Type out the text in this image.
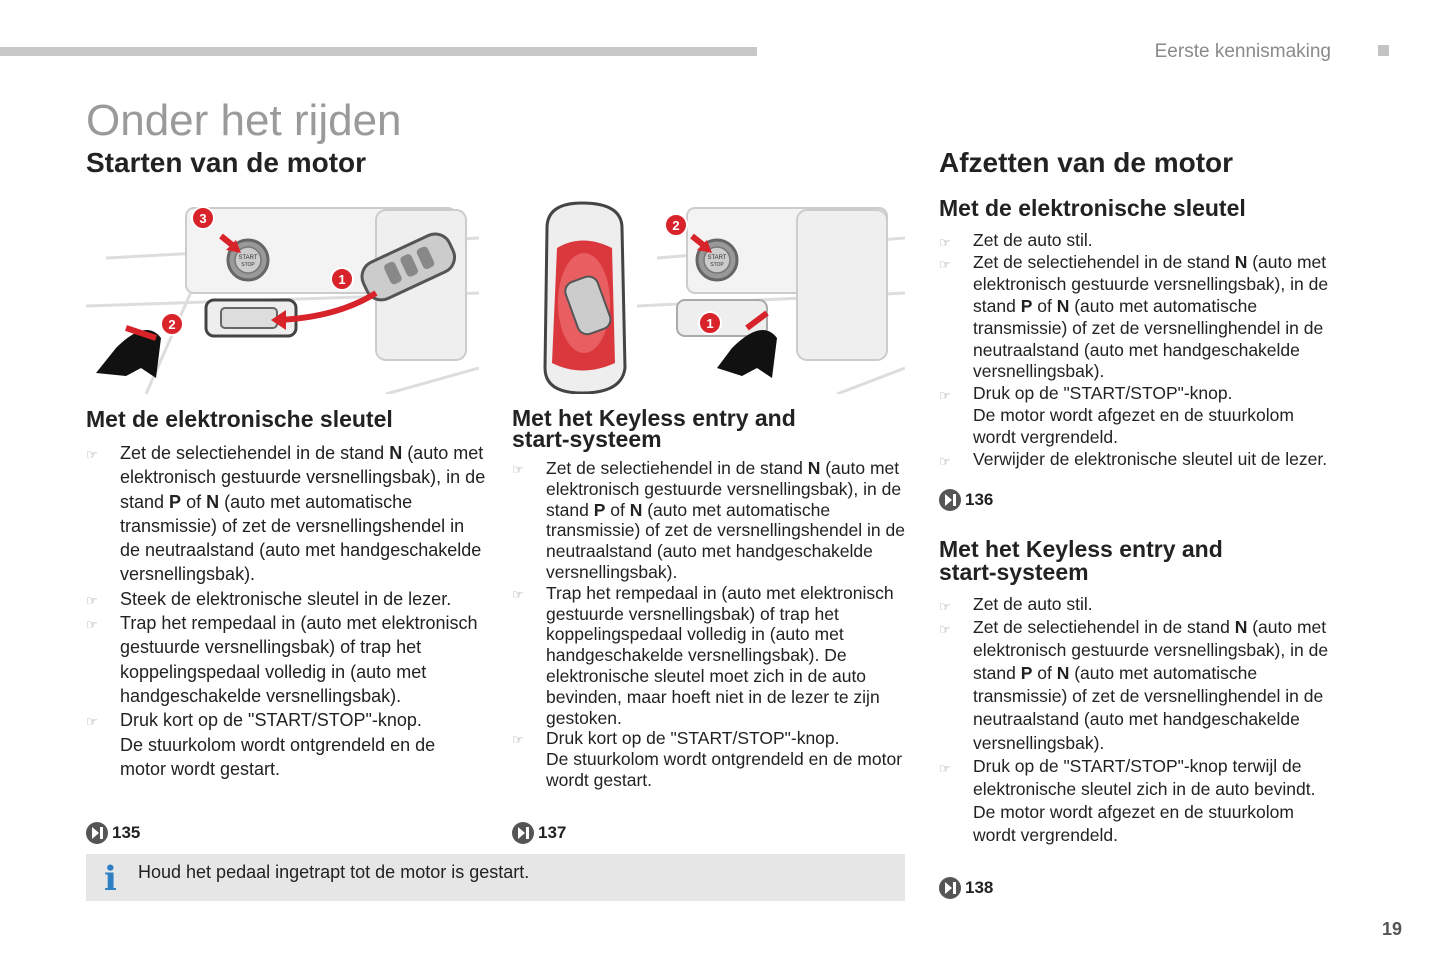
Eerste kennismaking
Onder het rijden
Starten van de motor	Afzetten van de motor
START
STOP
3
1
2
START
STOP
2
1
Met de elektronische sleutel
☞ Zet de selectiehendel in de stand N (auto met elektronisch gestuurde versnellingsbak), in de stand P of N (auto met automatische transmissie) of zet de versnellingshendel in de neutraalstand (auto met handgeschakelde versnellingsbak).
☞ Steek de elektronische sleutel in de lezer.
☞ Trap het rempedaal in (auto met elektronisch gestuurde versnellingsbak) of trap het koppelingspedaal volledig in (auto met handgeschakelde versnellingsbak).
☞ Druk kort op de "START/STOP"-knop.
De stuurkolom wordt ontgrendeld en de motor wordt gestart.
135
Met het Keyless entry and
start-systeem
☞ Zet de selectiehendel in de stand N (auto met elektronisch gestuurde versnellingsbak), in de stand P of N (auto met automatische transmissie) of zet de versnellingshendel in de neutraalstand (auto met handgeschakelde versnellingsbak).
☞ Trap het rempedaal in (auto met elektronisch gestuurde versnellingsbak) of trap het koppelingspedaal volledig in (auto met handgeschakelde versnellingsbak). De elektronische sleutel moet zich in de auto bevinden, maar hoeft niet in de lezer te zijn gestoken.
☞ Druk kort op de "START/STOP"-knop.
De stuurkolom wordt ontgrendeld en de motor wordt gestart.
137
i Houd het pedaal ingetrapt tot de motor is gestart.
Met de elektronische sleutel
☞ Zet de auto stil.
☞ Zet de selectiehendel in de stand N (auto met elektronisch gestuurde versnellingsbak), in de stand P of N (auto met automatische transmissie) of zet de versnellinghendel in de neutraalstand (auto met handgeschakelde versnellingsbak).
☞ Druk op de "START/STOP"-knop.
De motor wordt afgezet en de stuurkolom wordt vergrendeld.
☞ Verwijder de elektronische sleutel uit de lezer.
136
Met het Keyless entry and
start-systeem
☞ Zet de auto stil.
☞ Zet de selectiehendel in de stand N (auto met elektronisch gestuurde versnellingsbak), in de stand P of N (auto met automatische transmissie) of zet de versnellinghendel in de neutraalstand (auto met handgeschakelde versnellingsbak).
☞ Druk op de "START/STOP"-knop terwijl de elektronische sleutel zich in de auto bevindt.
De motor wordt afgezet en de stuurkolom wordt vergrendeld.
138
19
